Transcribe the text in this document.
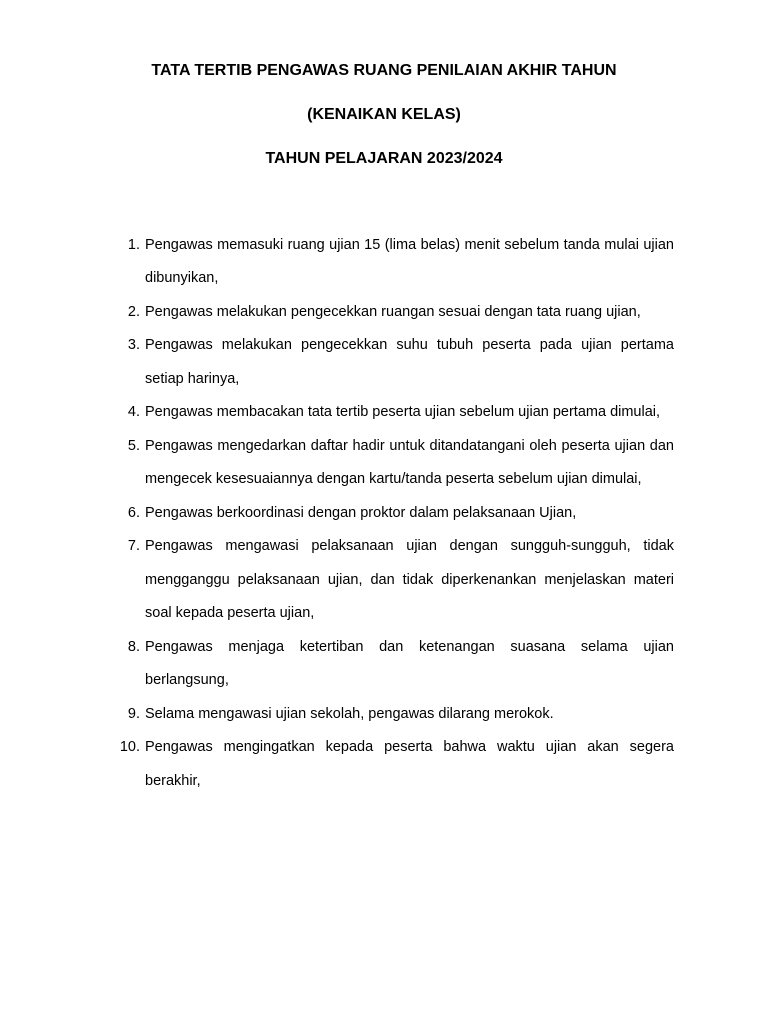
TATA TERTIB PENGAWAS RUANG PENILAIAN AKHIR TAHUN

(KENAIKAN KELAS)

TAHUN PELAJARAN 2023/2024

1. Pengawas memasuki ruang ujian 15 (lima belas) menit sebelum tanda mulai ujian dibunyikan,
2. Pengawas melakukan pengecekkan ruangan sesuai dengan tata ruang ujian,
3. Pengawas melakukan pengecekkan suhu tubuh peserta pada ujian pertama setiap harinya,
4. Pengawas membacakan tata tertib peserta ujian sebelum ujian pertama dimulai,
5. Pengawas mengedarkan daftar hadir untuk ditandatangani oleh peserta ujian dan mengecek kesesuaiannya dengan kartu/tanda peserta sebelum ujian dimulai,
6. Pengawas berkoordinasi dengan proktor dalam pelaksanaan Ujian,
7. Pengawas mengawasi pelaksanaan ujian dengan sungguh-sungguh, tidak mengganggu pelaksanaan ujian, dan tidak diperkenankan menjelaskan materi soal kepada peserta ujian,
8. Pengawas menjaga ketertiban dan ketenangan suasana selama ujian berlangsung,
9. Selama mengawasi ujian sekolah, pengawas dilarang merokok.
10. Pengawas mengingatkan kepada peserta bahwa waktu ujian akan segera berakhir,
